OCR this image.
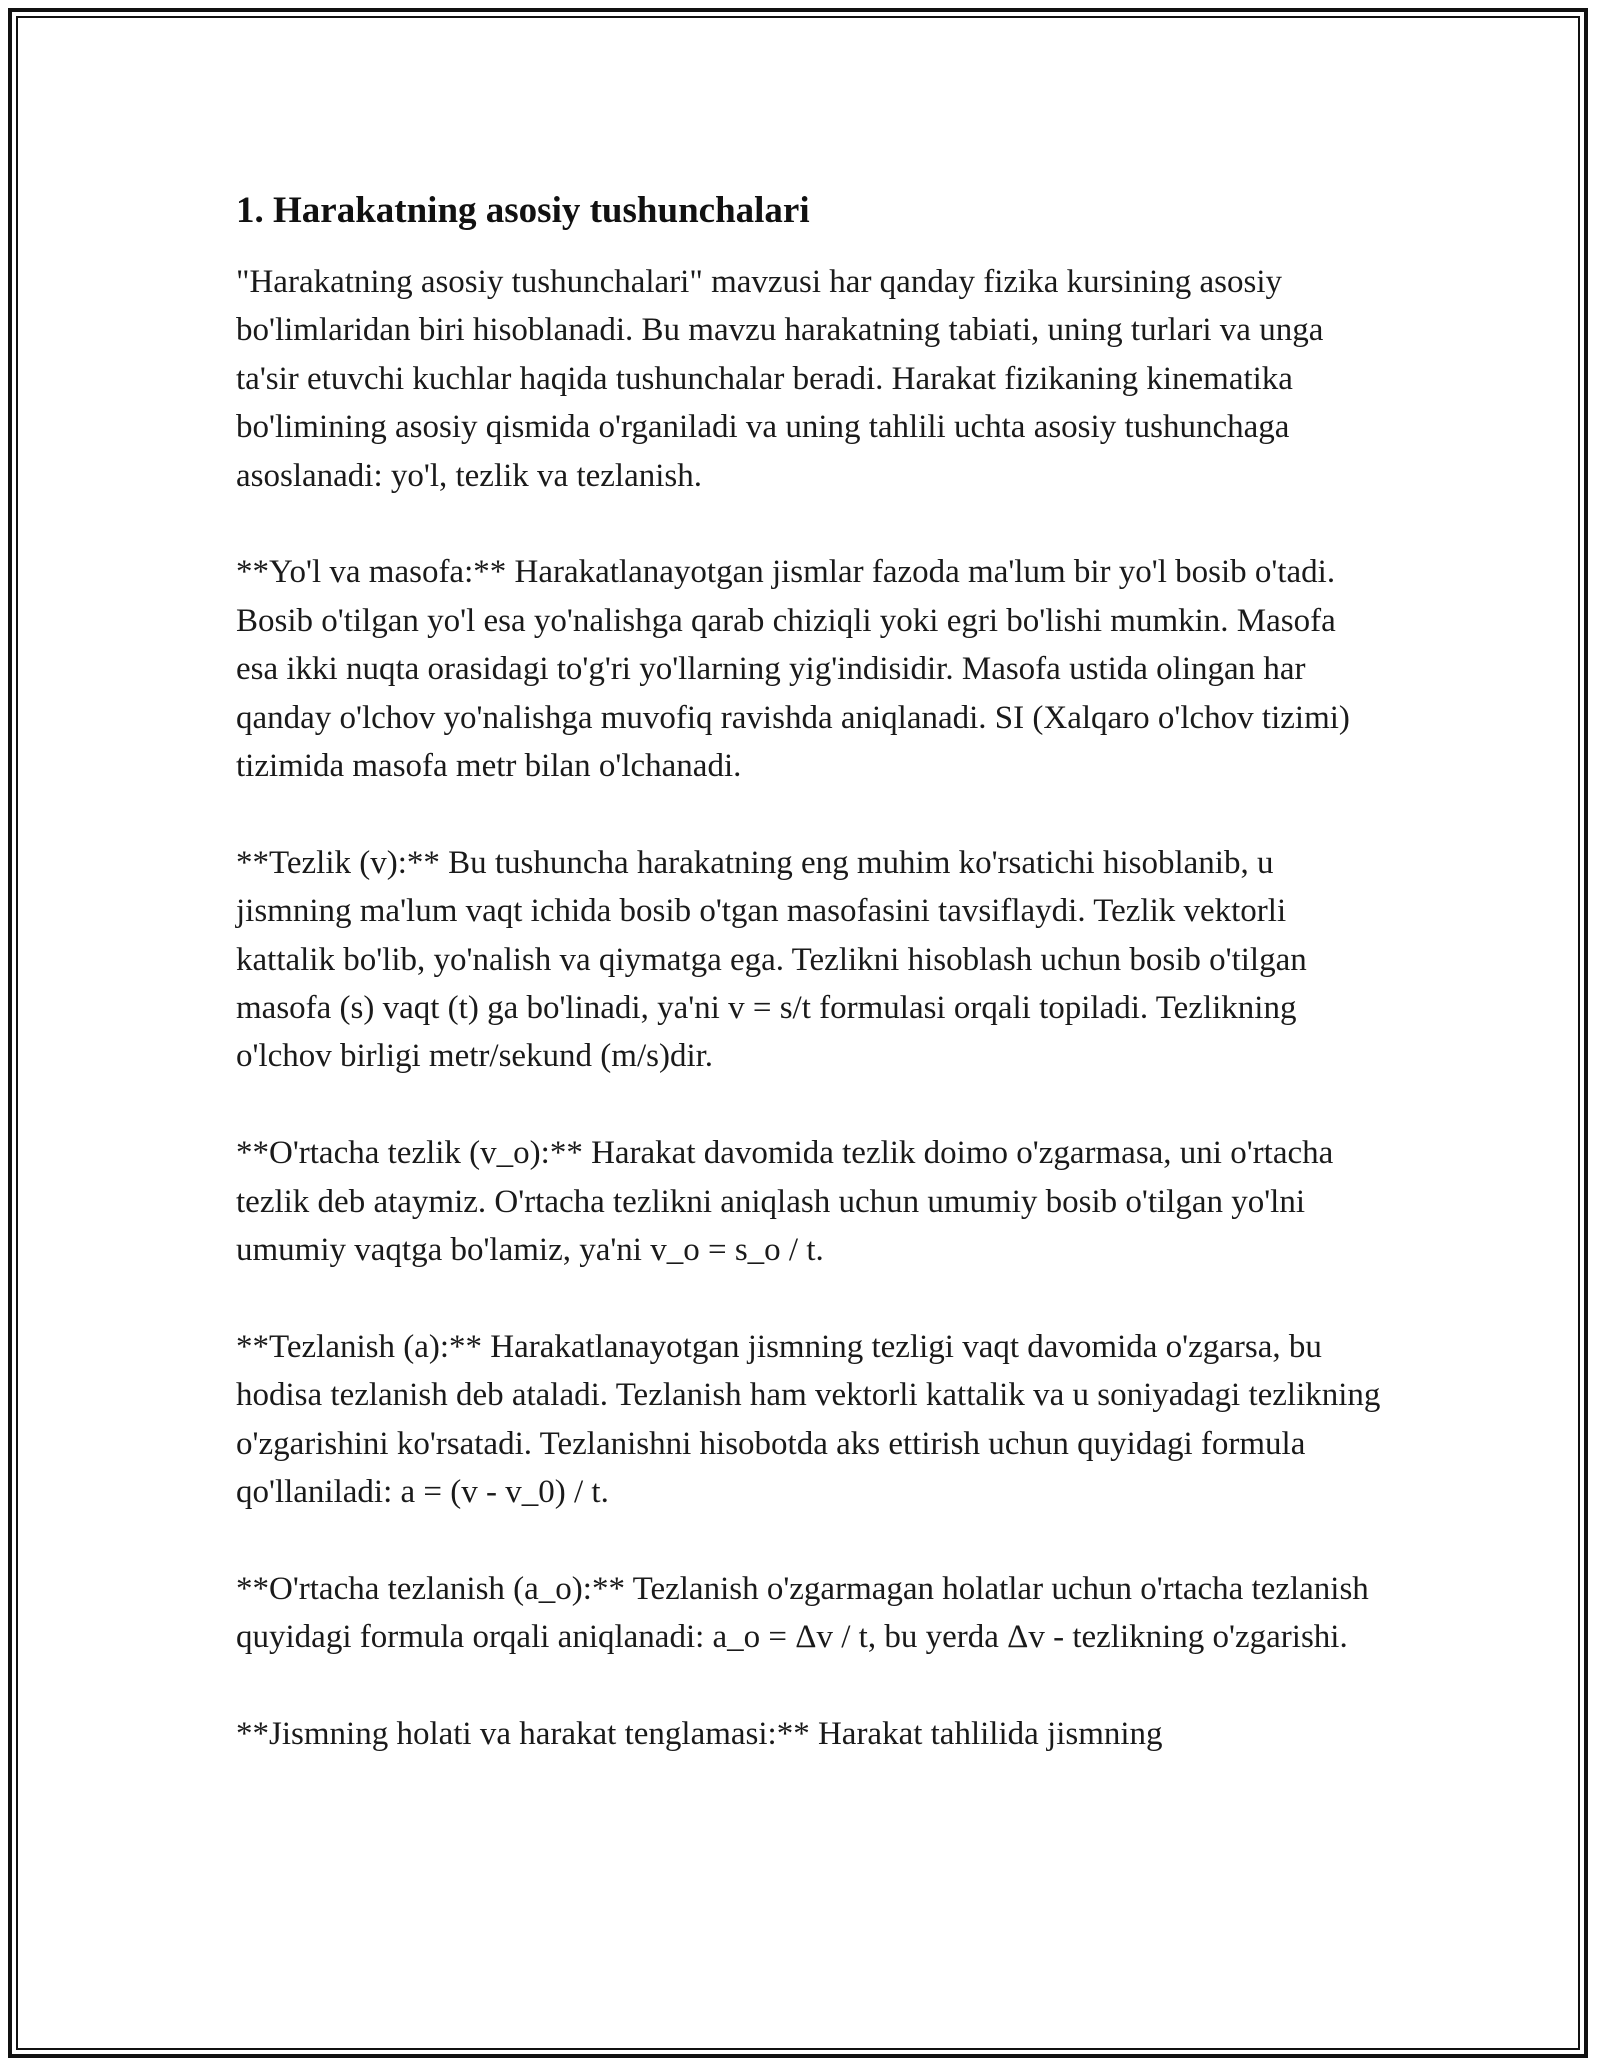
1. Harakatning asosiy tushunchalari

"Harakatning asosiy tushunchalari" mavzusi har qanday fizika kursining asosiy bo'limlaridan biri hisoblanadi. Bu mavzu harakatning tabiati, uning turlari va unga ta'sir etuvchi kuchlar haqida tushunchalar beradi. Harakat fizikaning kinematika bo'limining asosiy qismida o'rganiladi va uning tahlili uchta asosiy tushunchaga asoslanadi: yo'l, tezlik va tezlanish.

**Yo'l va masofa:** Harakatlanayotgan jismlar fazoda ma'lum bir yo'l bosib o'tadi. Bosib o'tilgan yo'l esa yo'nalishga qarab chiziqli yoki egri bo'lishi mumkin. Masofa esa ikki nuqta orasidagi to'g'ri yo'llarning yig'indisidir. Masofa ustida olingan har qanday o'lchov yo'nalishga muvofiq ravishda aniqlanadi. SI (Xalqaro o'lchov tizimi) tizimida masofa metr bilan o'lchanadi.

**Tezlik (v):** Bu tushuncha harakatning eng muhim ko'rsatichi hisoblanib, u jismning ma'lum vaqt ichida bosib o'tgan masofasini tavsiflaydi. Tezlik vektorli kattalik bo'lib, yo'nalish va qiymatga ega. Tezlikni hisoblash uchun bosib o'tilgan masofa (s) vaqt (t) ga bo'linadi, ya'ni v = s/t formulasi orqali topiladi. Tezlikning o'lchov birligi metr/sekund (m/s)dir.

**O'rtacha tezlik (v_o):** Harakat davomida tezlik doimo o'zgarmasa, uni o'rtacha tezlik deb ataymiz. O'rtacha tezlikni aniqlash uchun umumiy bosib o'tilgan yo'lni umumiy vaqtga bo'lamiz, ya'ni v_o = s_o / t.

**Tezlanish (a):** Harakatlanayotgan jismning tezligi vaqt davomida o'zgarsa, bu hodisa tezlanish deb ataladi. Tezlanish ham vektorli kattalik va u soniyadagi tezlikning o'zgarishini ko'rsatadi. Tezlanishni hisobotda aks ettirish uchun quyidagi formula qo'llaniladi: a = (v - v_0) / t.

**O'rtacha tezlanish (a_o):** Tezlanish o'zgarmagan holatlar uchun o'rtacha tezlanish quyidagi formula orqali aniqlanadi: a_o = Δv / t, bu yerda Δv - tezlikning o'zgarishi.

**Jismning holati va harakat tenglamasi:** Harakat tahlilida jismning
